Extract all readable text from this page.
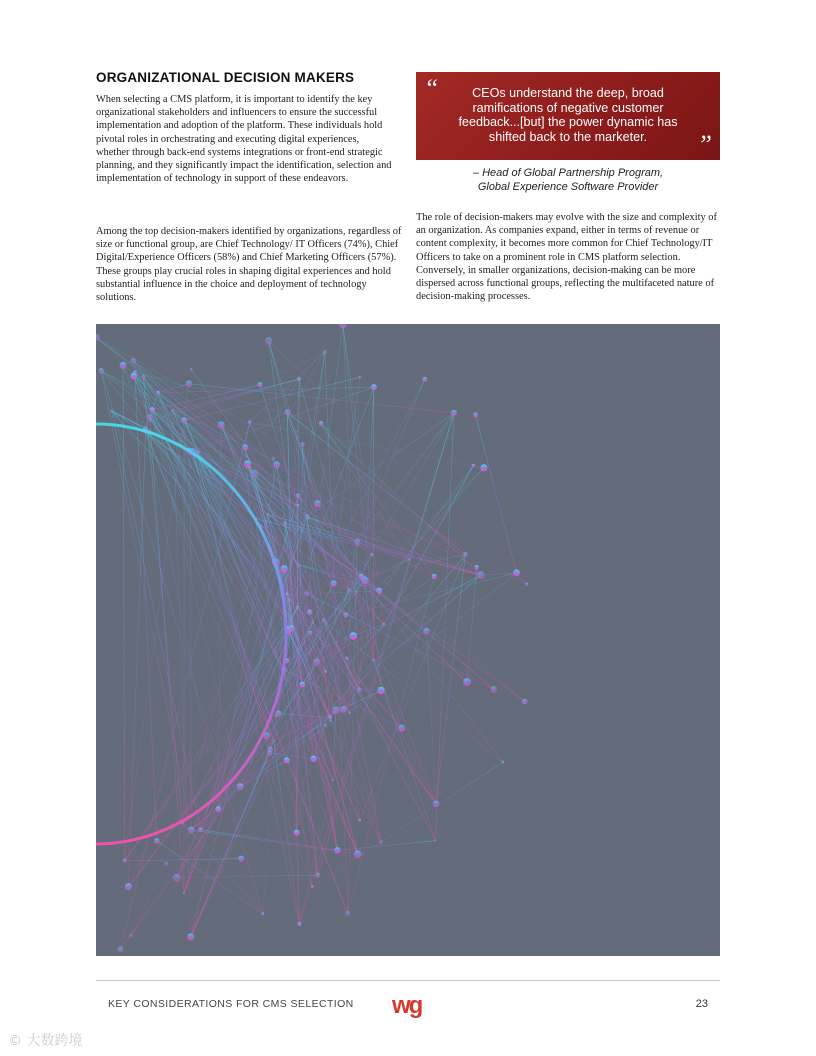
ORGANIZATIONAL DECISION MAKERS

When selecting a CMS platform, it is important to identify the key organizational stakeholders and influencers to ensure the successful implementation and adoption of the platform. These individuals hold pivotal roles in orchestrating and executing digital experiences, whether through back-end systems integrations or front-end strategic planning, and they significantly impact the identification, selection and implementation of technology in support of these endeavors.

Among the top decision-makers identified by organizations, regardless of size or functional group, are Chief Technology/ IT Officers (74%), Chief Digital/Experience Officers (58%) and Chief Marketing Officers (57%). These groups play crucial roles in shaping digital experiences and hold substantial influence in the choice and deployment of technology solutions.

“	CEOs understand the deep, broad ramifications of negative customer feedback...[but] the power dynamic has shifted back to the marketer.	”
– Head of Global Partnership Program,
Global Experience Software Provider

The role of decision-makers may evolve with the size and complexity of an organization. As companies expand, either in terms of revenue or content complexity, it becomes more common for Chief Technology/IT Officers to take on a prominent role in CMS platform selection. Conversely, in smaller organizations, decision-making can be more dispersed across functional groups, reflecting the multifaceted nature of decision-making processes.

KEY CONSIDERATIONS FOR CMS SELECTION wg	23
© 大数跨境
